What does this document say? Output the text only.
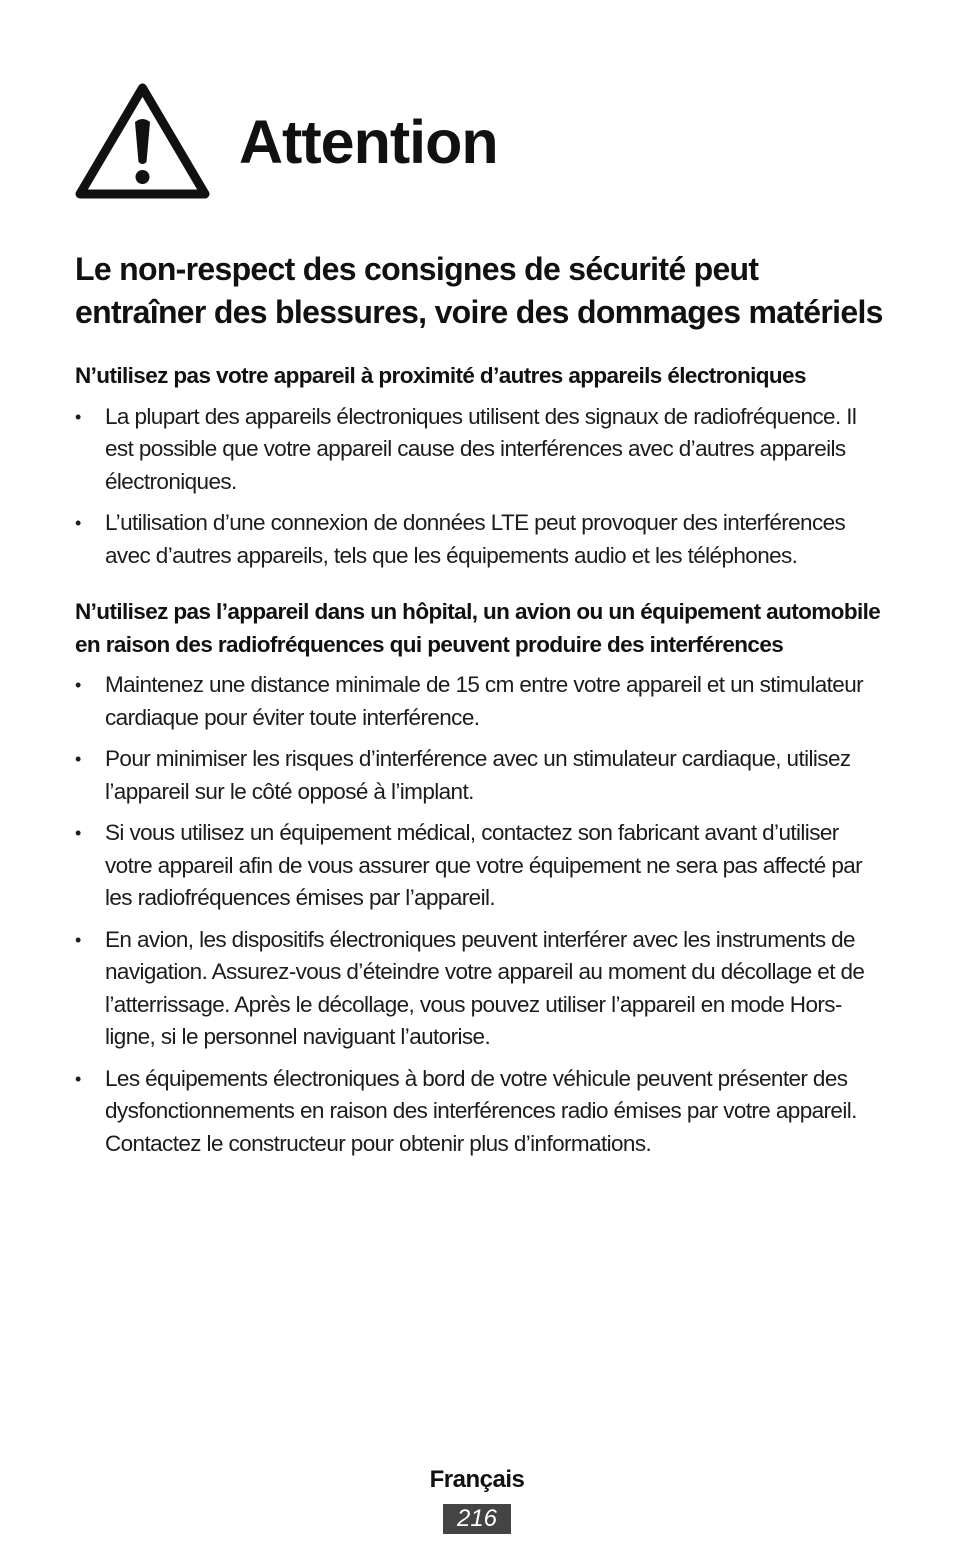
Attention
Le non-respect des consignes de sécurité peut entraîner des blessures, voire des dommages matériels
N’utilisez pas votre appareil à proximité d’autres appareils électroniques
• La plupart des appareils électroniques utilisent des signaux de radiofréquence. Il est possible que votre appareil cause des interférences avec d’autres appareils électroniques.
• L’utilisation d’une connexion de données LTE peut provoquer des interférences avec d’autres appareils, tels que les équipements audio et les téléphones.
N’utilisez pas l’appareil dans un hôpital, un avion ou un équipement automobile en raison des radiofréquences qui peuvent produire des interférences
• Maintenez une distance minimale de 15 cm entre votre appareil et un stimulateur cardiaque pour éviter toute interférence.
• Pour minimiser les risques d’interférence avec un stimulateur cardiaque, utilisez l’appareil sur le côté opposé à l’implant.
• Si vous utilisez un équipement médical, contactez son fabricant avant d’utiliser votre appareil afin de vous assurer que votre équipement ne sera pas affecté par les radiofréquences émises par l’appareil.
• En avion, les dispositifs électroniques peuvent interférer avec les instruments de navigation. Assurez-vous d’éteindre votre appareil au moment du décollage et de l’atterrissage. Après le décollage, vous pouvez utiliser l’appareil en mode Hors-ligne, si le personnel naviguant l’autorise.
• Les équipements électroniques à bord de votre véhicule peuvent présenter des dysfonctionnements en raison des interférences radio émises par votre appareil. Contactez le constructeur pour obtenir plus d’informations.
Français
216
